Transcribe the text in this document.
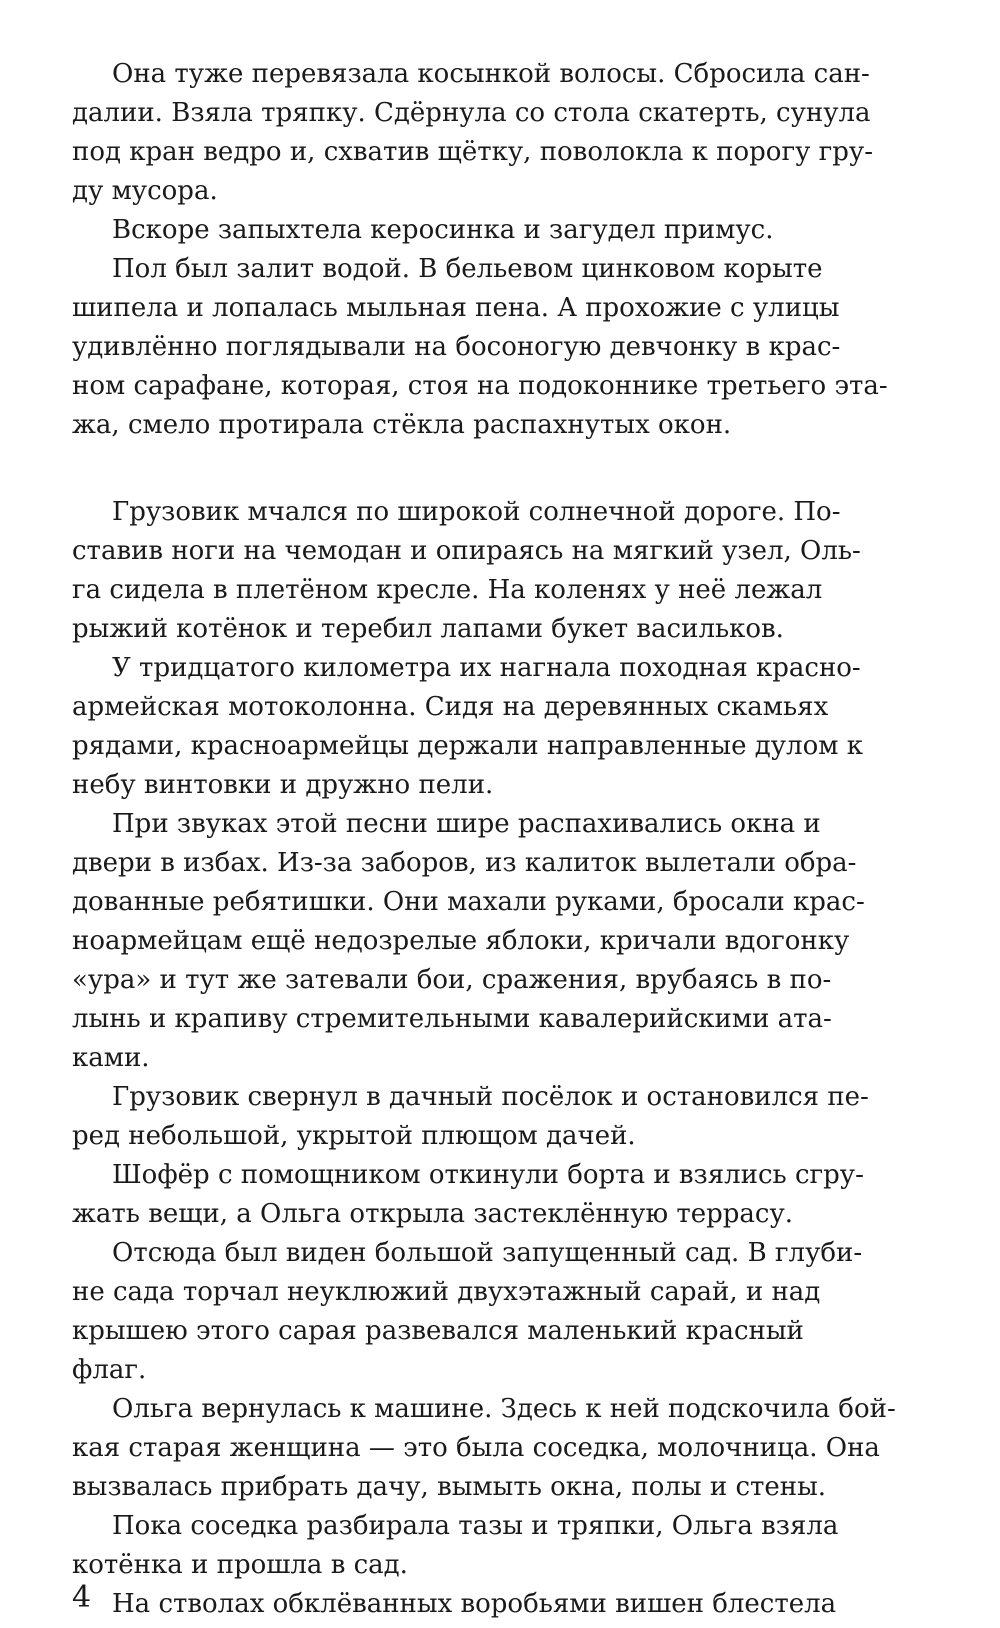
Она туже перевязала косынкой волосы. Сбросила сан-
далии. Взяла тряпку. Сдёрнула со стола скатерть, сунула
под кран ведро и, схватив щётку, поволокла к порогу гру-
ду мусора.
Вскоре запыхтела керосинка и загудел примус.
Пол был залит водой. В бельевом цинковом корыте
шипела и лопалась мыльная пена. А прохожие с улицы
удивлённо поглядывали на босоногую девчонку в крас-
ном сарафане, которая, стоя на подоконнике третьего эта-
жа, смело протирала стёкла распахнутых окон.
Грузовик мчался по широкой солнечной дороге. По-
ставив ноги на чемодан и опираясь на мягкий узел, Оль-
га сидела в плетёном кресле. На коленях у неё лежал
рыжий котёнок и теребил лапами букет васильков.
У тридцатого километра их нагнала походная красно-
армейская мотоколонна. Сидя на деревянных скамьях
рядами, красноармейцы держали направленные дулом к
небу винтовки и дружно пели.
При звуках этой песни шире распахивались окна и
двери в избах. Из-за заборов, из калиток вылетали обра-
дованные ребятишки. Они махали руками, бросали крас-
ноармейцам ещё недозрелые яблоки, кричали вдогонку
«ура» и тут же затевали бои, сражения, врубаясь в по-
лынь и крапиву стремительными кавалерийскими ата-
ками.
Грузовик свернул в дачный посёлок и остановился пе-
ред небольшой, укрытой плющом дачей.
Шофёр с помощником откинули борта и взялись сгру-
жать вещи, а Ольга открыла застеклённую террасу.
Отсюда был виден большой запущенный сад. В глуби-
не сада торчал неуклюжий двухэтажный сарай, и над
крышею этого сарая развевался маленький красный
флаг.
Ольга вернулась к машине. Здесь к ней подскочила бой-
кая старая женщина — это была соседка, молочница. Она
вызвалась прибрать дачу, вымыть окна, полы и стены.
Пока соседка разбирала тазы и тряпки, Ольга взяла
котёнка и прошла в сад.
На стволах обклёванных воробьями вишен блестела
4
